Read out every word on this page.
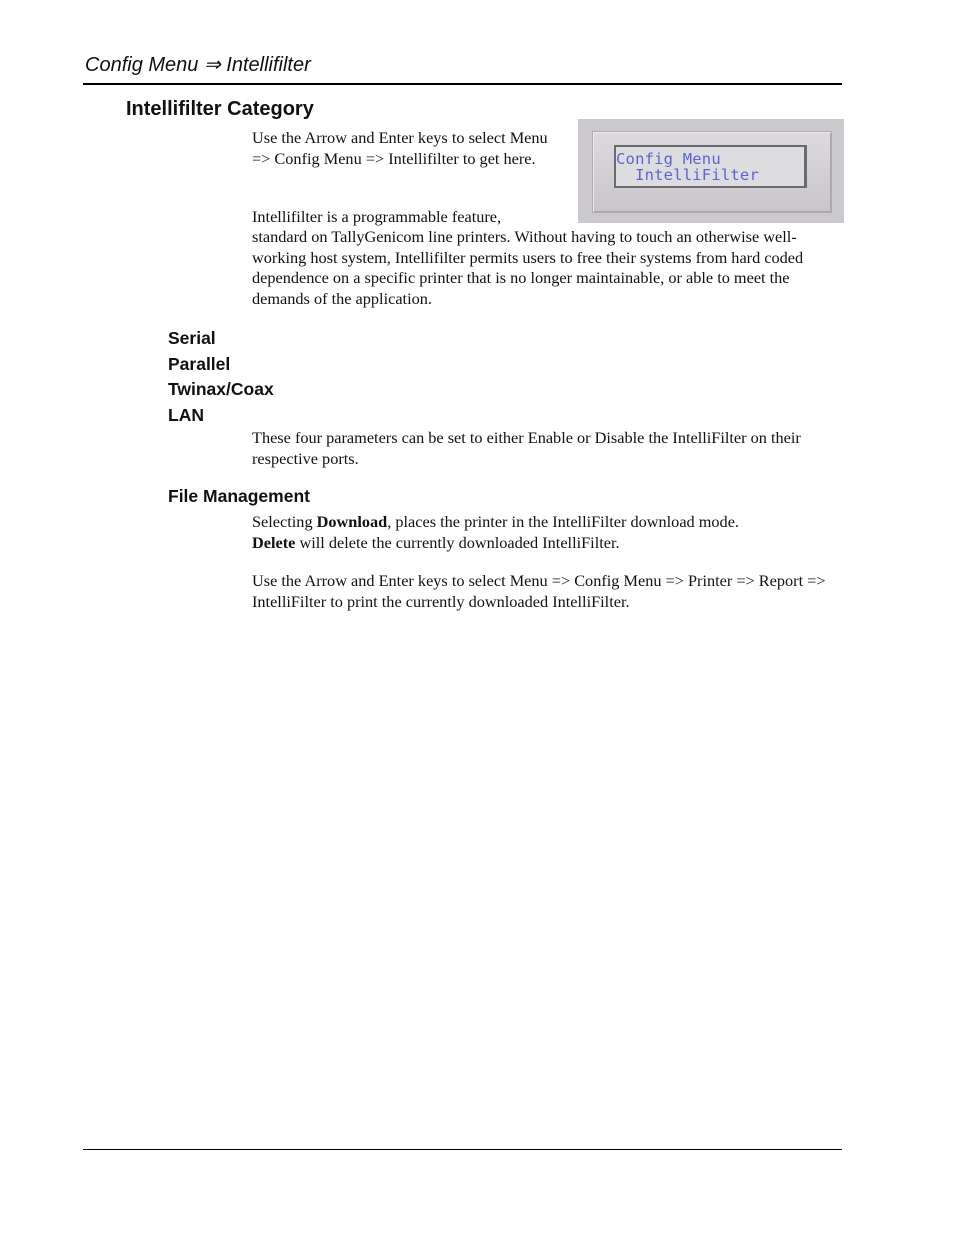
Config Menu ⇒ Intellifilter
Intellifilter Category

Use the Arrow and Enter keys to select Menu => Config Menu => Intellifilter to get here.	Config Menu

IntelliFilter

Intellifilter is a programmable feature,

standard on TallyGenicom line printers. Without having to touch an otherwise well-working host system, Intellifilter permits users to free their systems from hard coded dependence on a specific printer that is no longer maintainable, or able to meet the demands of the application.

Serial
Parallel
Twinax/Coax
LAN

These four parameters can be set to either Enable or Disable the IntelliFilter on their respective ports.

File Management

Selecting Download, places the printer in the IntelliFilter download mode.
Delete will delete the currently downloaded IntelliFilter.

Use the Arrow and Enter keys to select Menu => Config Menu => Printer => Report => IntelliFilter to print the currently downloaded IntelliFilter.
